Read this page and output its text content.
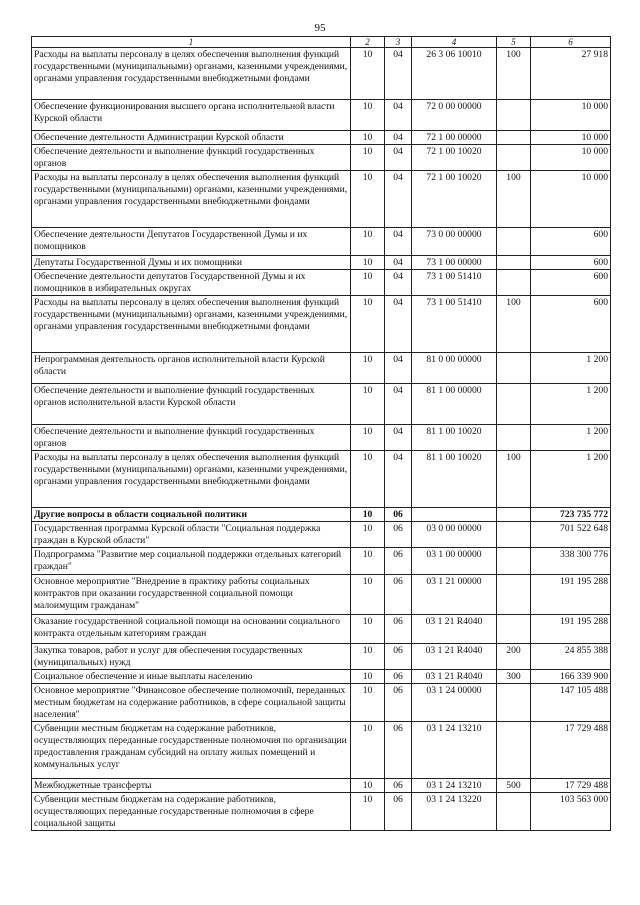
95
1	2	3	4	5	6
Расходы на выплаты персоналу в целях обеспечения выполнения функций государственными (муниципальными) органами, казенными учреждениями, органами управления государственными внебюджетными фондами	10	04	26 3 06 10010	100	27 918
Обеспечение функционирования высшего органа исполнительной власти Курской области	10	04	72 0 00 00000		10 000
Обеспечение деятельности Администрации Курской области	10	04	72 1 00 00000		10 000
Обеспечение деятельности и выполнение функций государственных органов	10	04	72 1 00 10020		10 000
Расходы на выплаты персоналу в целях обеспечения выполнения функций государственными (муниципальными) органами, казенными учреждениями, органами управления государственными внебюджетными фондами	10	04	72 1 00 10020	100	10 000
Обеспечение деятельности Депутатов Государственной Думы и их помощников	10	04	73 0 00 00000		600
Депутаты Государственной Думы и их помощники	10	04	73 1 00 00000		600
Обеспечение деятельности депутатов Государственной Думы и их помощников в избирательных округах	10	04	73 1 00 51410		600
Расходы на выплаты персоналу в целях обеспечения выполнения функций государственными (муниципальными) органами, казенными учреждениями, органами управления государственными внебюджетными фондами	10	04	73 1 00 51410	100	600
Непрограммная деятельность органов исполнительной власти Курской области	10	04	81 0 00 00000		1 200
Обеспечение деятельности и выполнение функций государственных органов исполнительной власти Курской области	10	04	81 1 00 00000		1 200
Обеспечение деятельности и выполнение функций государственных органов	10	04	81 1 00 10020		1 200
Расходы на выплаты персоналу в целях обеспечения выполнения функций государственными (муниципальными) органами, казенными учреждениями, органами управления государственными внебюджетными фондами	10	04	81 1 00 10020	100	1 200
Другие вопросы в области социальной политики	10	06			723 735 772
Государственная программа Курской области "Социальная поддержка граждан в Курской области"	10	06	03 0 00 00000		701 522 648
Подпрограмма "Развитие мер социальной поддержки отдельных категорий граждан"	10	06	03 1 00 00000		338 300 776
Основное мероприятие "Внедрение в практику работы социальных контрактов при оказании государственной социальной помощи малоимущим гражданам"	10	06	03 1 21 00000		191 195 288
Оказание государственной социальной помощи на основании социального контракта отдельным категориям граждан	10	06	03 1 21 R4040		191 195 288
Закупка товаров, работ и услуг для обеспечения государственных (муниципальных) нужд	10	06	03 1 21 R4040	200	24 855 388
Социальное обеспечение и иные выплаты населению	10	06	03 1 21 R4040	300	166 339 900
Основное мероприятие "Финансовое обеспечение полномочий, переданных местным бюджетам на содержание работников, в сфере социальной защиты населения"	10	06	03 1 24 00000		147 105 488
Субвенции местным бюджетам на содержание работников, осуществляющих переданные государственные полномочия по организации предоставления гражданам субсидий на оплату жилых помещений и коммунальных услуг	10	06	03 1 24 13210		17 729 488
Межбюджетные трансферты	10	06	03 1 24 13210	500	17 729 488
Субвенции местным бюджетам на содержание работников, осуществляющих переданные государственные полномочия в сфере социальной защиты	10	06	03 1 24 13220		103 563 000
